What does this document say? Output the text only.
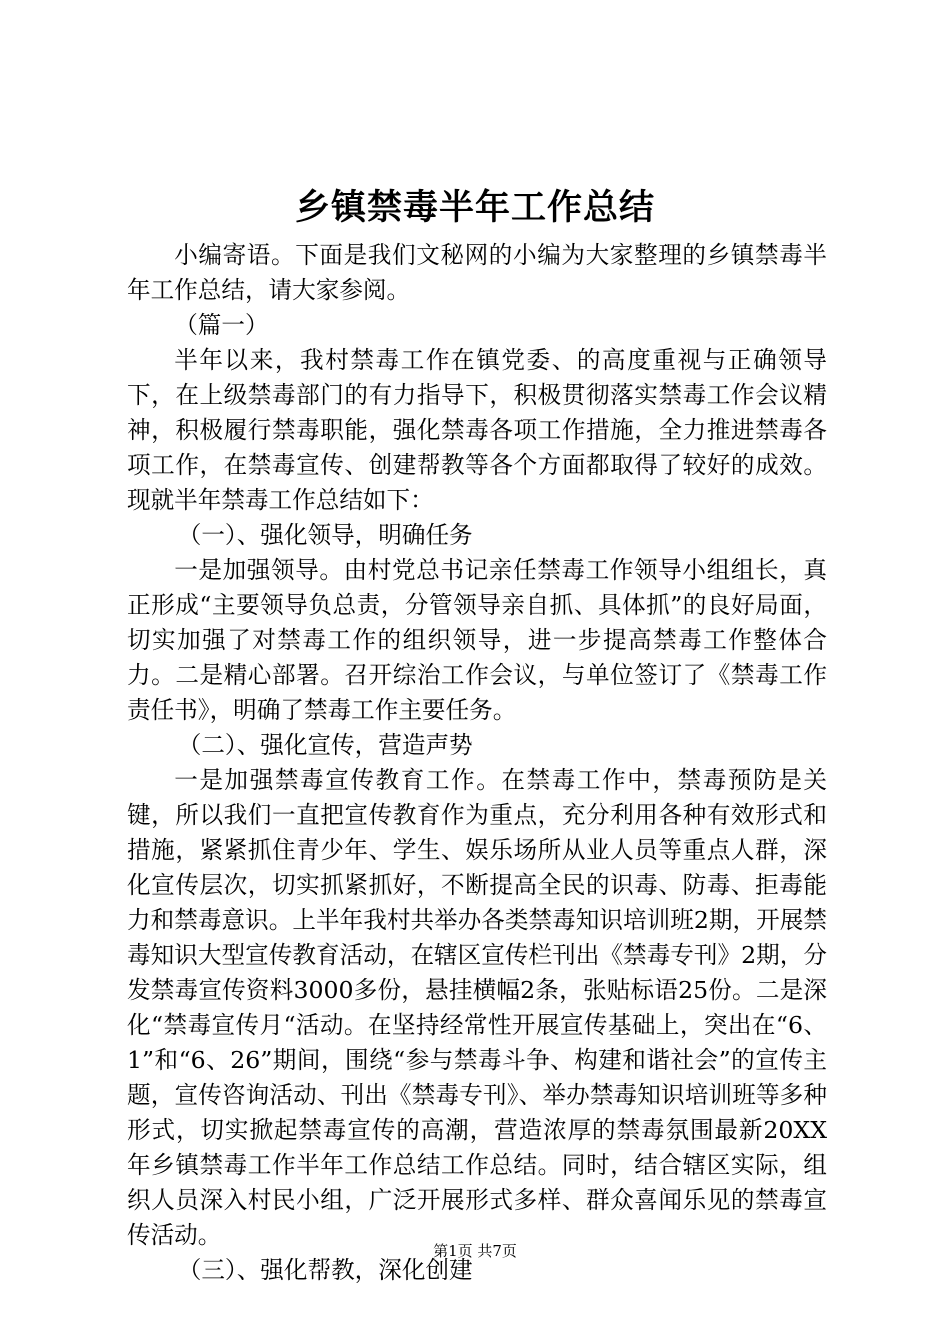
乡镇禁毒半年工作总结

小编寄语。下面是我们文秘网的小编为大家整理的乡镇禁毒半年工作总结，请大家参阅。

（篇一）

半年以来，我村禁毒工作在镇党委、的高度重视与正确领导下，在上级禁毒部门的有力指导下，积极贯彻落实禁毒工作会议精神，积极履行禁毒职能，强化禁毒各项工作措施，全力推进禁毒各项工作，在禁毒宣传、创建帮教等各个方面都取得了较好的成效。现就半年禁毒工作总结如下：

（一）、强化领导，明确任务

一是加强领导。由村党总书记亲任禁毒工作领导小组组长，真正形成“主要领导负总责，分管领导亲自抓、具体抓”的良好局面，切实加强了对禁毒工作的组织领导，进一步提高禁毒工作整体合力。二是精心部署。召开综治工作会议，与单位签订了《禁毒工作责任书》，明确了禁毒工作主要任务。

（二）、强化宣传，营造声势

一是加强禁毒宣传教育工作。在禁毒工作中，禁毒预防是关键，所以我们一直把宣传教育作为重点，充分利用各种有效形式和措施，紧紧抓住青少年、学生、娱乐场所从业人员等重点人群，深化宣传层次，切实抓紧抓好，不断提高全民的识毒、防毒、拒毒能力和禁毒意识。上半年我村共举办各类禁毒知识培训班2期，开展禁毒知识大型宣传教育活动，在辖区宣传栏刊出《禁毒专刊》2期，分发禁毒宣传资料3000多份，悬挂横幅2条，张贴标语25份。二是深化“禁毒宣传月“活动。在坚持经常性开展宣传基础上，突出在“6、1”和“6、26”期间，围绕“参与禁毒斗争、构建和谐社会”的宣传主题，宣传咨询活动、刊出《禁毒专刊》、举办禁毒知识培训班等多种形式，切实掀起禁毒宣传的高潮，营造浓厚的禁毒氛围最新20XX年乡镇禁毒工作半年工作总结工作总结。同时，结合辖区实际，组织人员深入村民小组，广泛开展形式多样、群众喜闻乐见的禁毒宣传活动。

（三）、强化帮教，深化创建

第1页 共7页
